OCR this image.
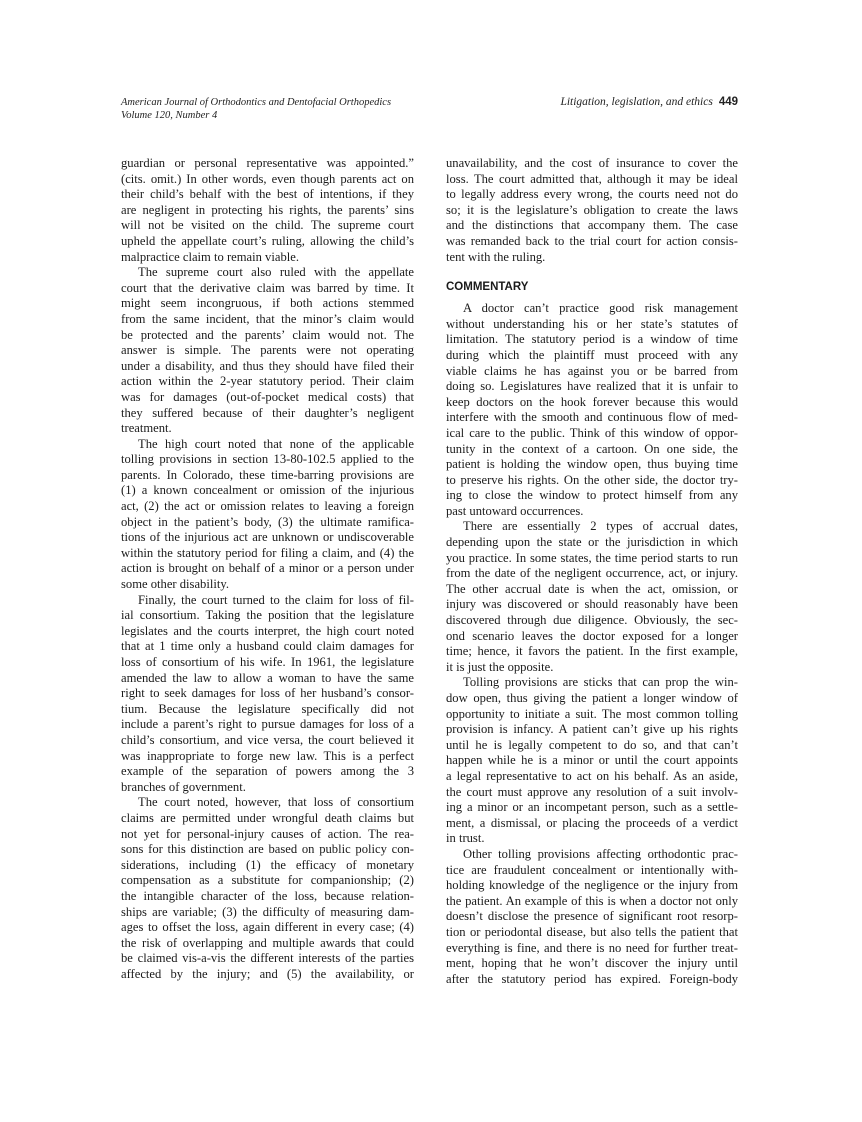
American Journal of Orthodontics and Dentofacial Orthopedics
Volume 120, Number 4
Litigation, legislation, and ethics 449
guardian or personal representative was appointed.”
(cits. omit.) In other words, even though parents act on
their child’s behalf with the best of intentions, if they
are negligent in protecting his rights, the parents’ sins
will not be visited on the child. The supreme court
upheld the appellate court’s ruling, allowing the child’s
malpractice claim to remain viable.
The supreme court also ruled with the appellate
court that the derivative claim was barred by time. It
might seem incongruous, if both actions stemmed
from the same incident, that the minor’s claim would
be protected and the parents’ claim would not. The
answer is simple. The parents were not operating
under a disability, and thus they should have filed their
action within the 2-year statutory period. Their claim
was for damages (out-of-pocket medical costs) that
they suffered because of their daughter’s negligent
treatment.
The high court noted that none of the applicable
tolling provisions in section 13-80-102.5 applied to the
parents. In Colorado, these time-barring provisions are
(1) a known concealment or omission of the injurious
act, (2) the act or omission relates to leaving a foreign
object in the patient’s body, (3) the ultimate ramifica-
tions of the injurious act are unknown or undiscoverable
within the statutory period for filing a claim, and (4) the
action is brought on behalf of a minor or a person under
some other disability.
Finally, the court turned to the claim for loss of fil-
ial consortium. Taking the position that the legislature
legislates and the courts interpret, the high court noted
that at 1 time only a husband could claim damages for
loss of consortium of his wife. In 1961, the legislature
amended the law to allow a woman to have the same
right to seek damages for loss of her husband’s consor-
tium. Because the legislature specifically did not
include a parent’s right to pursue damages for loss of a
child’s consortium, and vice versa, the court believed it
was inappropriate to forge new law. This is a perfect
example of the separation of powers among the 3
branches of government.
The court noted, however, that loss of consortium
claims are permitted under wrongful death claims but
not yet for personal-injury causes of action. The rea-
sons for this distinction are based on public policy con-
siderations, including (1) the efficacy of monetary
compensation as a substitute for companionship; (2)
the intangible character of the loss, because relation-
ships are variable; (3) the difficulty of measuring dam-
ages to offset the loss, again different in every case; (4)
the risk of overlapping and multiple awards that could
be claimed vis-a-vis the different interests of the parties
affected by the injury; and (5) the availability, or
unavailability, and the cost of insurance to cover the
loss. The court admitted that, although it may be ideal
to legally address every wrong, the courts need not do
so; it is the legislature’s obligation to create the laws
and the distinctions that accompany them. The case
was remanded back to the trial court for action consis-
tent with the ruling.
COMMENTARY
A doctor can’t practice good risk management
without understanding his or her state’s statutes of
limitation. The statutory period is a window of time
during which the plaintiff must proceed with any
viable claims he has against you or be barred from
doing so. Legislatures have realized that it is unfair to
keep doctors on the hook forever because this would
interfere with the smooth and continuous flow of med-
ical care to the public. Think of this window of oppor-
tunity in the context of a cartoon. On one side, the
patient is holding the window open, thus buying time
to preserve his rights. On the other side, the doctor try-
ing to close the window to protect himself from any
past untoward occurrences.
There are essentially 2 types of accrual dates,
depending upon the state or the jurisdiction in which
you practice. In some states, the time period starts to run
from the date of the negligent occurrence, act, or injury.
The other accrual date is when the act, omission, or
injury was discovered or should reasonably have been
discovered through due diligence. Obviously, the sec-
ond scenario leaves the doctor exposed for a longer
time; hence, it favors the patient. In the first example,
it is just the opposite.
Tolling provisions are sticks that can prop the win-
dow open, thus giving the patient a longer window of
opportunity to initiate a suit. The most common tolling
provision is infancy. A patient can’t give up his rights
until he is legally competent to do so, and that can’t
happen while he is a minor or until the court appoints
a legal representative to act on his behalf. As an aside,
the court must approve any resolution of a suit involv-
ing a minor or an incompetant person, such as a settle-
ment, a dismissal, or placing the proceeds of a verdict
in trust.
Other tolling provisions affecting orthodontic prac-
tice are fraudulent concealment or intentionally with-
holding knowledge of the negligence or the injury from
the patient. An example of this is when a doctor not only
doesn’t disclose the presence of significant root resorp-
tion or periodontal disease, but also tells the patient that
everything is fine, and there is no need for further treat-
ment, hoping that he won’t discover the injury until
after the statutory period has expired. Foreign-body
